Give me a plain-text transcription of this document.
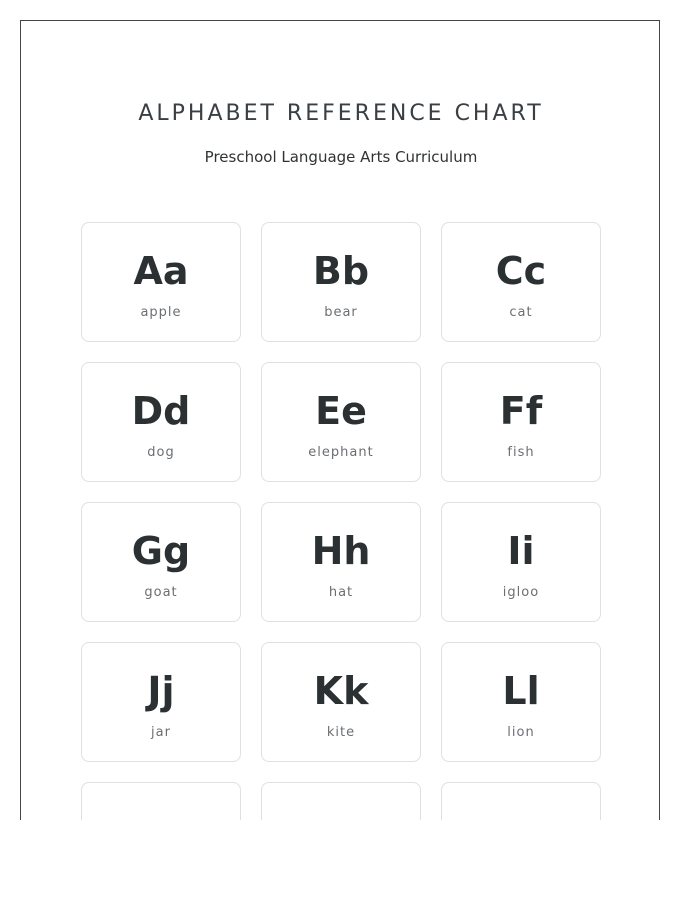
ALPHABET REFERENCE CHART
Preschool Language Arts Curriculum
Aa
apple
Bb
bear
Cc
cat
Dd
dog
Ee
elephant
Ff
fish
Gg
goat
Hh
hat
Ii
igloo
Jj
jar
Kk
kite
Ll
lion
